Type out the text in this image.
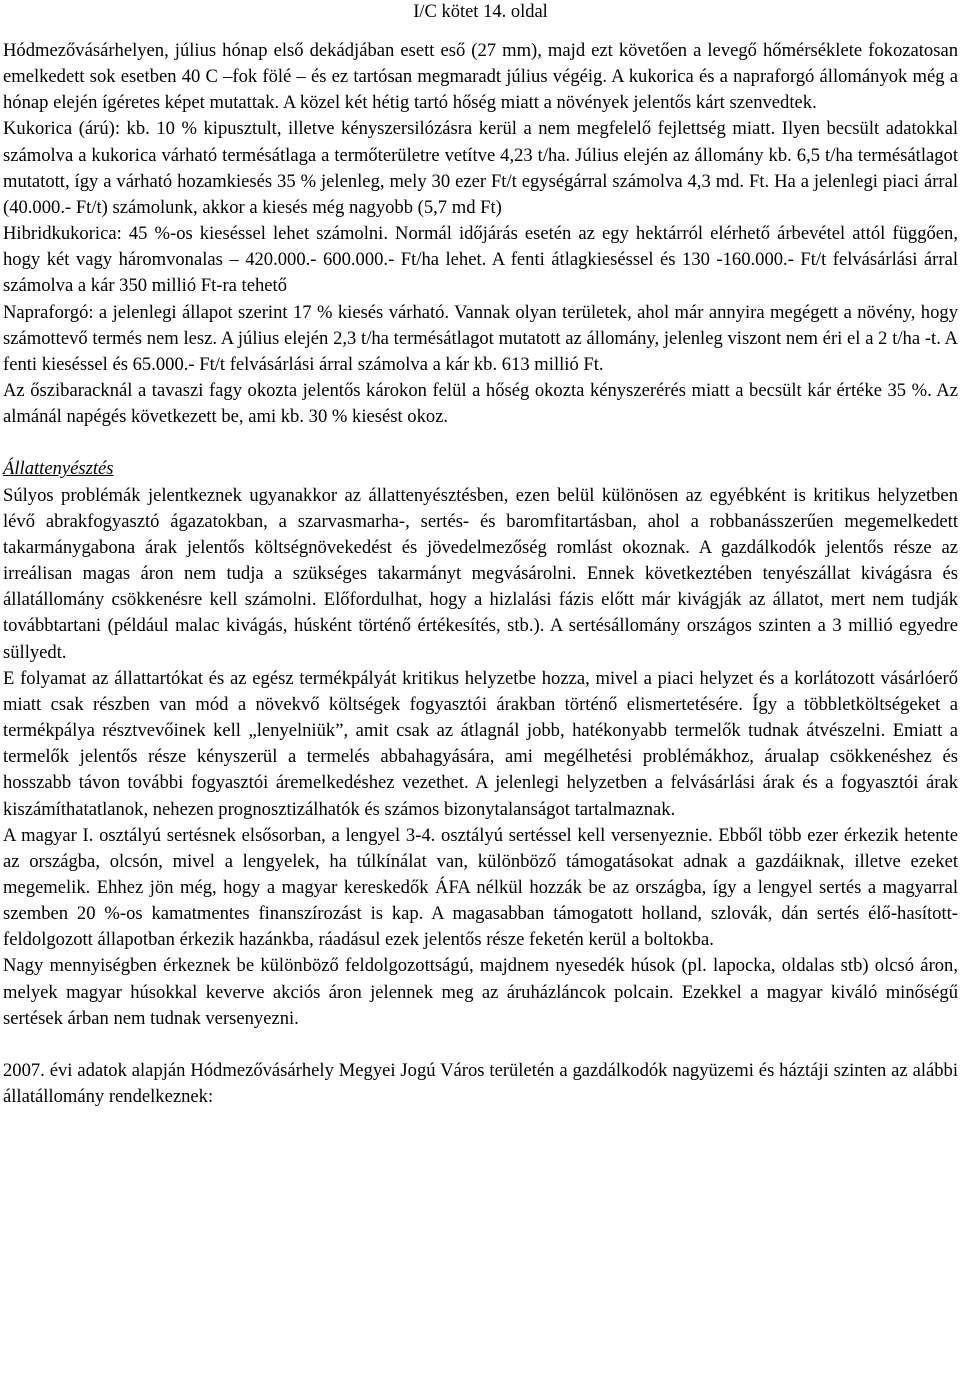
I/C kötet 14. oldal

Hódmezővásárhelyen, július hónap első dekádjában esett eső (27 mm), majd ezt követően a levegő hőmérséklete fokozatosan emelkedett sok esetben 40 C –fok fölé – és ez tartósan megmaradt július végéig. A kukorica és a napraforgó állományok még a hónap elején ígéretes képet mutattak. A közel két hétig tartó hőség miatt a növények jelentős kárt szenvedtek.

Kukorica (árú): kb. 10 % kipusztult, illetve kényszersilózásra kerül a nem megfelelő fejlettség miatt. Ilyen becsült adatokkal számolva a kukorica várható termésátlaga a termőterületre vetítve 4,23 t/ha. Július elején az állomány kb. 6,5 t/ha termésátlagot mutatott, így a várható hozamkiesés 35 % jelenleg, mely 30 ezer Ft/t egységárral számolva 4,3 md. Ft. Ha a jelenlegi piaci árral (40.000.- Ft/t) számolunk, akkor a kiesés még nagyobb (5,7 md Ft)

Hibridkukorica: 45 %-os kieséssel lehet számolni. Normál időjárás esetén az egy hektárról elérhető árbevétel attól függően, hogy két vagy háromvonalas – 420.000.- 600.000.- Ft/ha lehet. A fenti átlagkieséssel és 130 -160.000.- Ft/t felvásárlási árral számolva a kár 350 millió Ft-ra tehető

Napraforgó: a jelenlegi állapot szerint 17 % kiesés várható. Vannak olyan területek, ahol már annyira megégett a növény, hogy számottevő termés nem lesz. A július elején 2,3 t/ha termésátlagot mutatott az állomány, jelenleg viszont nem éri el a 2 t/ha -t. A fenti kieséssel és 65.000.- Ft/t felvásárlási árral számolva a kár kb. 613 millió Ft.

Az őszibaracknál a tavaszi fagy okozta jelentős károkon felül a hőség okozta kényszerérés miatt a becsült kár értéke 35 %. Az almánál napégés következett be, ami kb. 30 % kiesést okoz.

Állattenyésztés

Súlyos problémák jelentkeznek ugyanakkor az állattenyésztésben, ezen belül különösen az egyébként is kritikus helyzetben lévő abrakfogyasztó ágazatokban, a szarvasmarha-, sertés- és baromfitartásban, ahol a robbanásszerűen megemelkedett takarmánygabona árak jelentős költségnövekedést és jövedelmezőség romlást okoznak. A gazdálkodók jelentős része az irreálisan magas áron nem tudja a szükséges takarmányt megvásárolni. Ennek következtében tenyészállat kivágásra és állatállomány csökkenésre kell számolni. Előfordulhat, hogy a hizlalási fázis előtt már kivágják az állatot, mert nem tudják továbbtartani (például malac kivágás, húsként történő értékesítés, stb.). A sertésállomány országos szinten a 3 millió egyedre süllyedt.

E folyamat az állattartókat és az egész termékpályát kritikus helyzetbe hozza, mivel a piaci helyzet és a korlátozott vásárlóerő miatt csak részben van mód a növekvő költségek fogyasztói árakban történő elismertetésére. Így a többletköltségeket a termékpálya résztvevőinek kell „lenyelniük”, amit csak az átlagnál jobb, hatékonyabb termelők tudnak átvészelni. Emiatt a termelők jelentős része kényszerül a termelés abbahagyására, ami megélhetési problémákhoz, árualap csökkenéshez és hosszabb távon további fogyasztói áremelkedéshez vezethet. A jelenlegi helyzetben a felvásárlási árak és a fogyasztói árak kiszámíthatatlanok, nehezen prognosztizálhatók és számos bizonytalanságot tartalmaznak.

A magyar I. osztályú sertésnek elsősorban, a lengyel 3-4. osztályú sertéssel kell versenyeznie. Ebből több ezer érkezik hetente az országba, olcsón, mivel a lengyelek, ha túlkínálat van, különböző támogatásokat adnak a gazdáiknak, illetve ezeket megemelik. Ehhez jön még, hogy a magyar kereskedők ÁFA nélkül hozzák be az országba, így a lengyel sertés a magyarral szemben 20 %-os kamatmentes finanszírozást is kap. A magasabban támogatott holland, szlovák, dán sertés élő-hasított-feldolgozott állapotban érkezik hazánkba, ráadásul ezek jelentős része feketén kerül a boltokba.

Nagy mennyiségben érkeznek be különböző feldolgozottságú, majdnem nyesedék húsok (pl. lapocka, oldalas stb) olcsó áron, melyek magyar húsokkal keverve akciós áron jelennek meg az áruházláncok polcain. Ezekkel a magyar kiváló minőségű sertések árban nem tudnak versenyezni.

2007. évi adatok alapján Hódmezővásárhely Megyei Jogú Város területén a gazdálkodók nagyüzemi és háztáji szinten az alábbi állatállomány rendelkeznek:
